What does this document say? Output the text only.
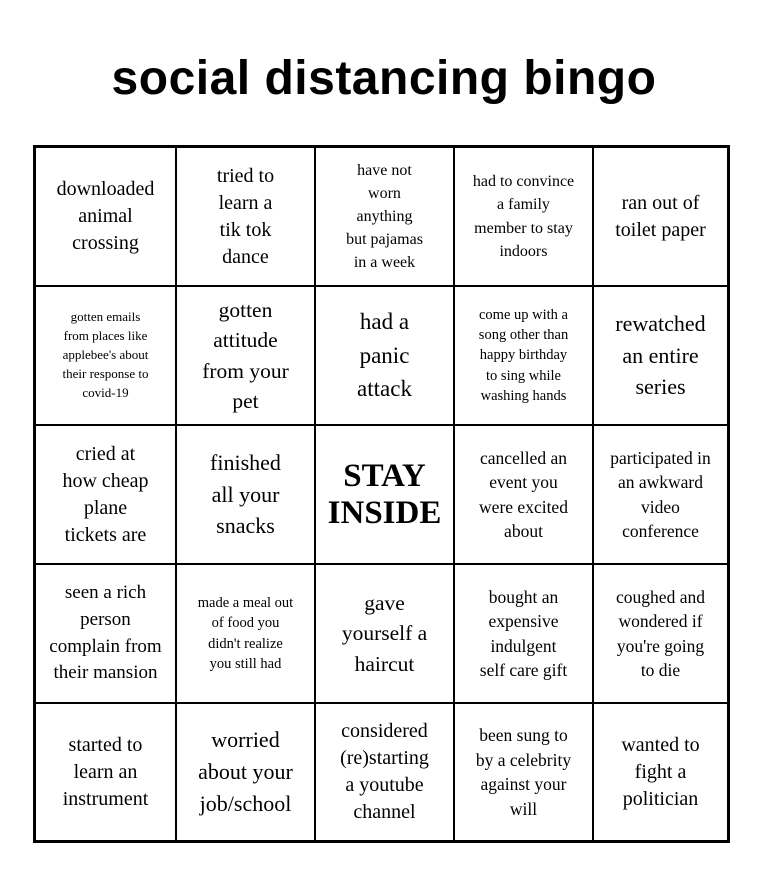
social distancing bingo
downloaded
animal
crossing
tried to
learn a
tik tok
dance
have not
worn
anything
but pajamas
in a week
had to convince
a family
member to stay
indoors
ran out of
toilet paper
gotten emails
from places like
applebee's about
their response to
covid-19
gotten
attitude
from your
pet
had a
panic
attack
come up with a
song other than
happy birthday
to sing while
washing hands
rewatched
an entire
series
cried at
how cheap
plane
tickets are
finished
all your
snacks
STAY
INSIDE
cancelled an
event you
were excited
about
participated in
an awkward
video
conference
seen a rich
person
complain from
their mansion
made a meal out
of food you
didn't realize
you still had
gave
yourself a
haircut
bought an
expensive
indulgent
self care gift
coughed and
wondered if
you're going
to die
started to
learn an
instrument
worried
about your
job/school
considered
(re)starting
a youtube
channel
been sung to
by a celebrity
against your
will
wanted to
fight a
politician
